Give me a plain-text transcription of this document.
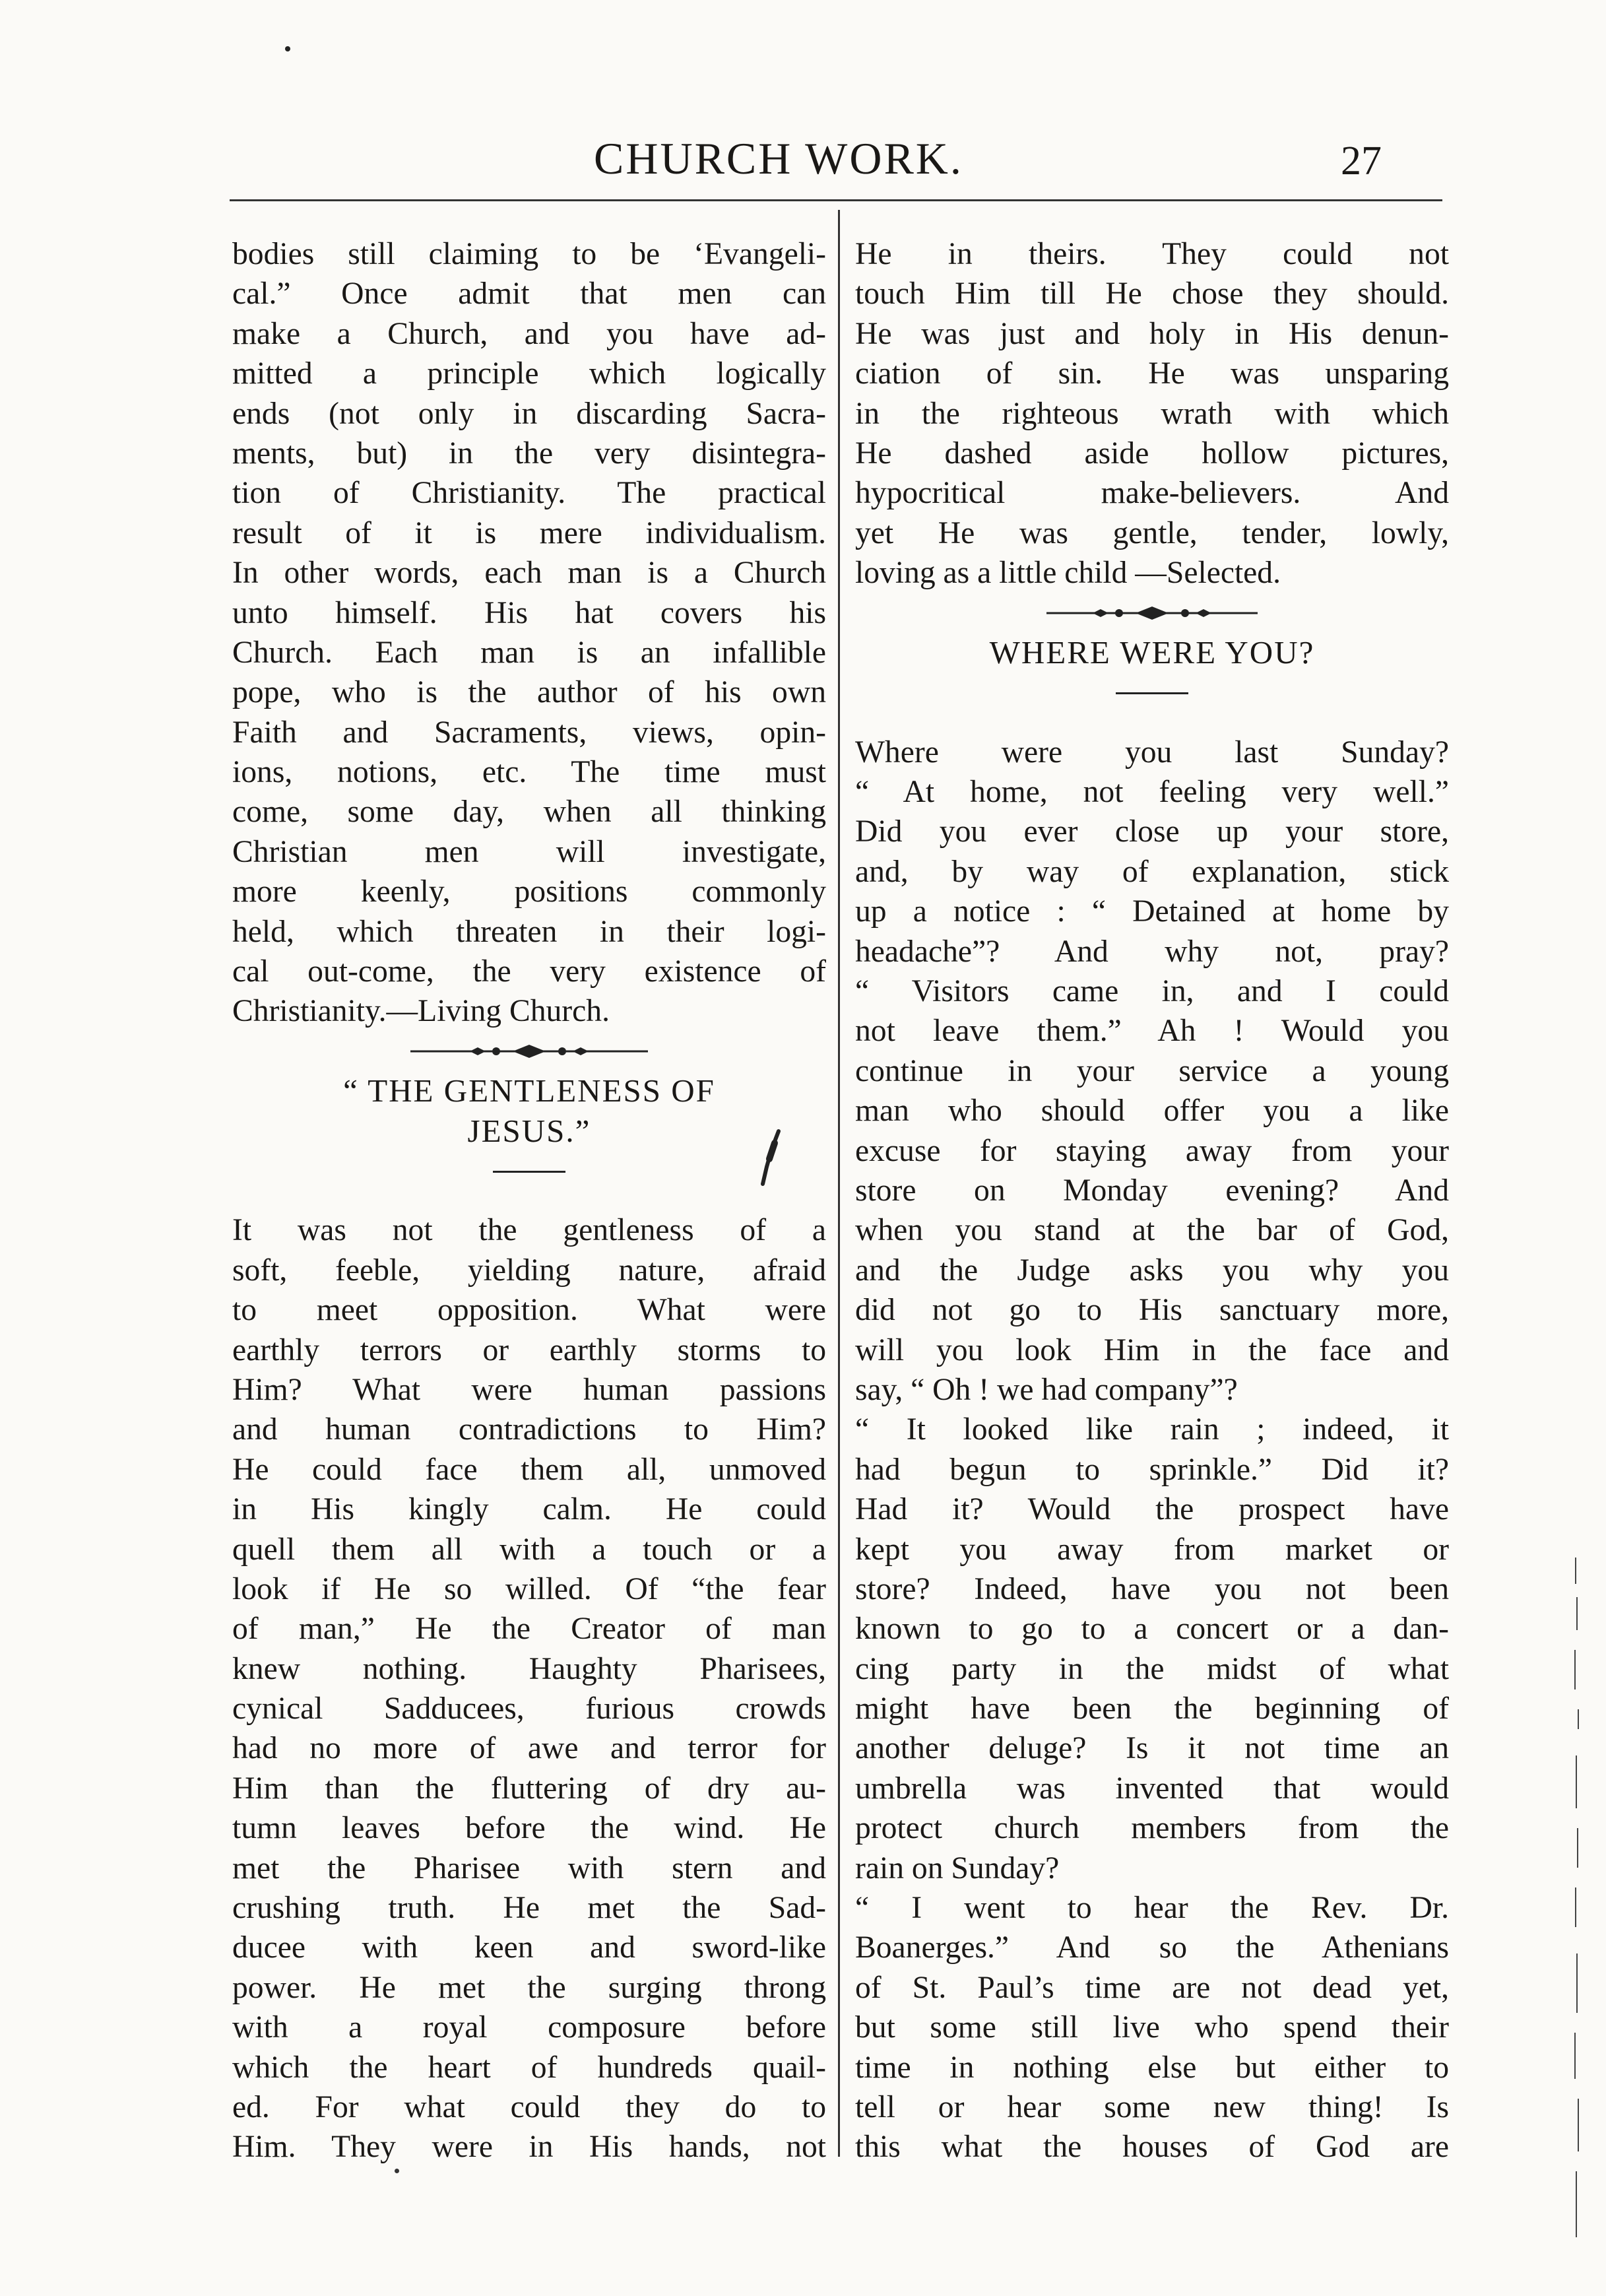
CHURCH WORK.	27
bodies still claiming to be ‘Evangeli-
cal.” Once admit that men can
make a Church, and you have ad-
mitted a principle which logically
ends (not only in discarding Sacra-
ments, but) in the very disintegra-
tion of Christianity. The practical
result of it is mere individualism.
In other words, each man is a Church
unto himself. His hat covers his
Church. Each man is an infallible
pope, who is the author of his own
Faith and Sacraments, views, opin-
ions, notions, etc. The time must
come, some day, when all thinking
Christian men will investigate,
more keenly, positions commonly
held, which threaten in their logi-
cal out-come, the very existence of
Christianity.—Living Church.
“ THE GENTLENESS OF
JESUS.”
It was not the gentleness of a
soft, feeble, yielding nature, afraid
to meet opposition. What were
earthly terrors or earthly storms to
Him? What were human passions
and human contradictions to Him?
He could face them all, unmoved
in His kingly calm. He could
quell them all with a touch or a
look if He so willed. Of “the fear
of man,” He the Creator of man
knew nothing. Haughty Pharisees,
cynical Sadducees, furious crowds
had no more of awe and terror for
Him than the fluttering of dry au-
tumn leaves before the wind. He
met the Pharisee with stern and
crushing truth. He met the Sad-
ducee with keen and sword-like
power. He met the surging throng
with a royal composure before
which the heart of hundreds quail-
ed. For what could they do to
Him. They were in His hands, not
He in theirs. They could not
touch Him till He chose they should.
He was just and holy in His denun-
ciation of sin. He was unsparing
in the righteous wrath with which
He dashed aside hollow pictures,
hypocritical make-believers. And
yet He was gentle, tender, lowly,
loving as a little child —Selected.
WHERE WERE YOU?
Where were you last Sunday?
“ At home, not feeling very well.”
Did you ever close up your store,
and, by way of explanation, stick
up a notice : “ Detained at home by
headache”? And why not, pray?
“ Visitors came in, and I could
not leave them.” Ah ! Would you
continue in your service a young
man who should offer you a like
excuse for staying away from your
store on Monday evening? And
when you stand at the bar of God,
and the Judge asks you why you
did not go to His sanctuary more,
will you look Him in the face and
say, “ Oh ! we had company”?
“ It looked like rain ; indeed, it
had begun to sprinkle.” Did it?
Had it? Would the prospect have
kept you away from market or
store? Indeed, have you not been
known to go to a concert or a dan-
cing party in the midst of what
might have been the beginning of
another deluge? Is it not time an
umbrella was invented that would
protect church members from the
rain on Sunday?
“ I went to hear the Rev. Dr.
Boanerges.” And so the Athenians
of St. Paul’s time are not dead yet,
but some still live who spend their
time in nothing else but either to
tell or hear some new thing! Is
this what the houses of God are
